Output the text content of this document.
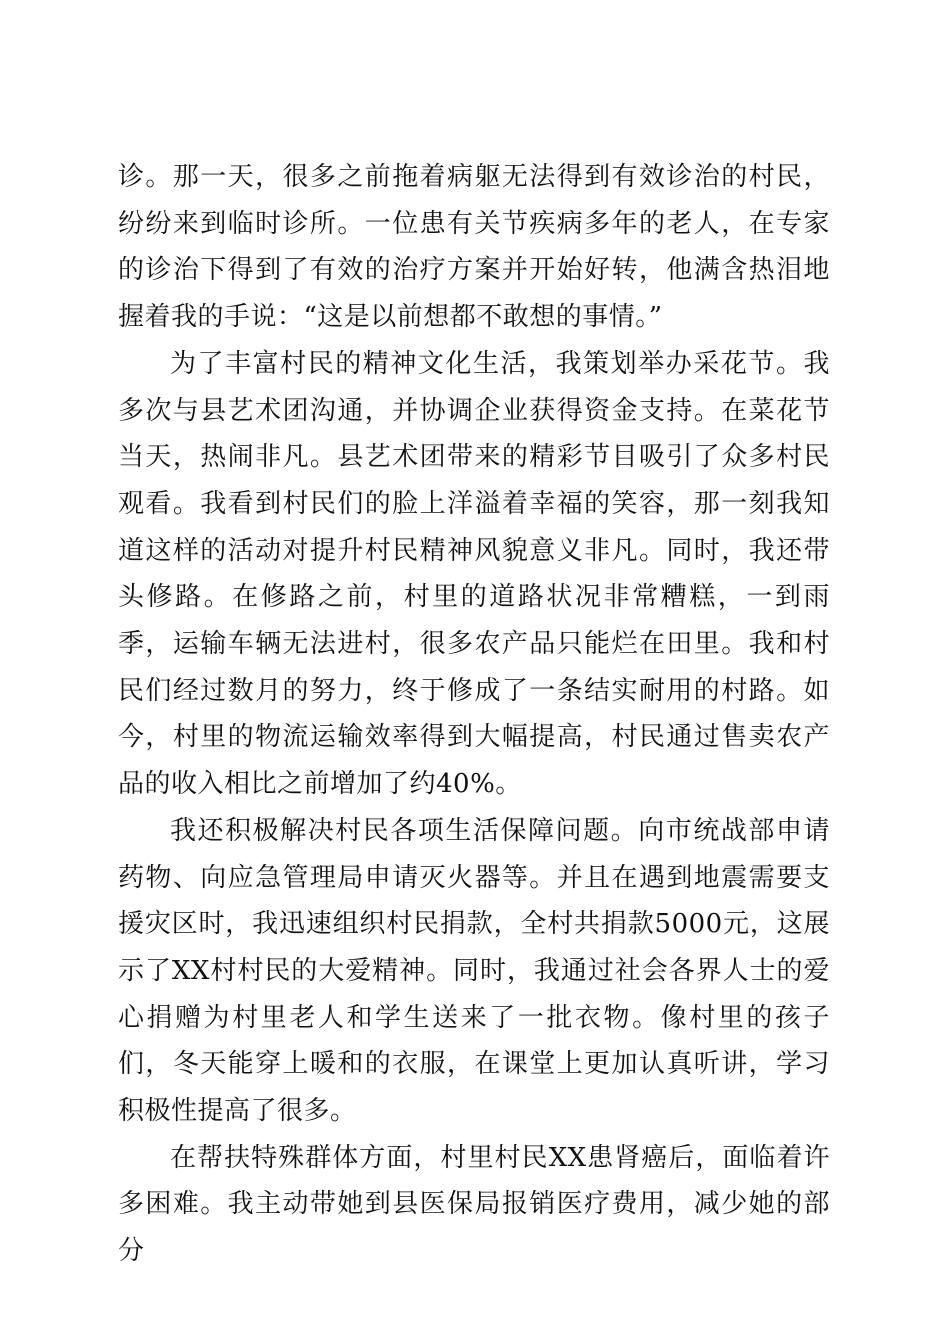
诊。那一天，很多之前拖着病躯无法得到有效诊治的村民，纷纷来到临时诊所。一位患有关节疾病多年的老人，在专家的诊治下得到了有效的治疗方案并开始好转，他满含热泪地握着我的手说：“这是以前想都不敢想的事情。”

为了丰富村民的精神文化生活，我策划举办采花节。我多次与县艺术团沟通，并协调企业获得资金支持。在菜花节当天，热闹非凡。县艺术团带来的精彩节目吸引了众多村民观看。我看到村民们的脸上洋溢着幸福的笑容，那一刻我知道这样的活动对提升村民精神风貌意义非凡。同时，我还带头修路。在修路之前，村里的道路状况非常糟糕，一到雨季，运输车辆无法进村，很多农产品只能烂在田里。我和村民们经过数月的努力，终于修成了一条结实耐用的村路。如今，村里的物流运输效率得到大幅提高，村民通过售卖农产品的收入相比之前增加了约40%。

我还积极解决村民各项生活保障问题。向市统战部申请药物、向应急管理局申请灭火器等。并且在遇到地震需要支援灾区时，我迅速组织村民捐款，全村共捐款5000元，这展示了XX村村民的大爱精神。同时，我通过社会各界人士的爱心捐赠为村里老人和学生送来了一批衣物。像村里的孩子们，冬天能穿上暖和的衣服，在课堂上更加认真听讲，学习积极性提高了很多。

在帮扶特殊群体方面，村里村民XX患肾癌后，面临着许多困难。我主动带她到县医保局报销医疗费用，减少她的部分
